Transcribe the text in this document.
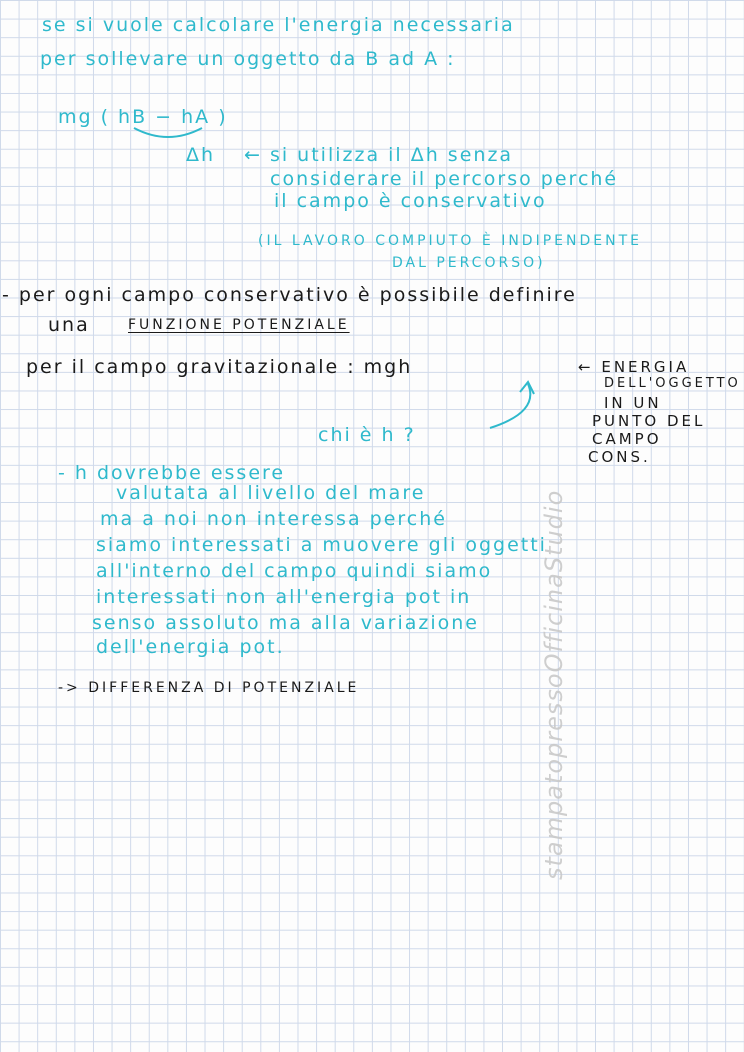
se si vuole calcolare l'energia necessaria
per sollevare un oggetto da B ad A :
mg ( hB − hA )
Δh ← si utilizza il Δh senza
considerare il percorso perché
il campo è conservativo
(IL LAVORO COMPIUTO È INDIPENDENTE
DAL PERCORSO)
- per ogni campo conservativo è possibile definire
una	FUNZIONE POTENZIALE
per il campo gravitazionale : mgh	← ENERGIA
DELL'OGGETTO
IN UN
PUNTO DEL
CAMPO
CONS.
chi è h ?
- h dovrebbe essere
valutata al livello del mare
ma a noi non interessa perché
siamo interessati a muovere gli oggetti
all'interno del campo quindi siamo
interessati non all'energia pot in
senso assoluto ma alla variazione
dell'energia pot.
-> DIFFERENZA DI POTENZIALE	stampatopressoOfficinaStudio
